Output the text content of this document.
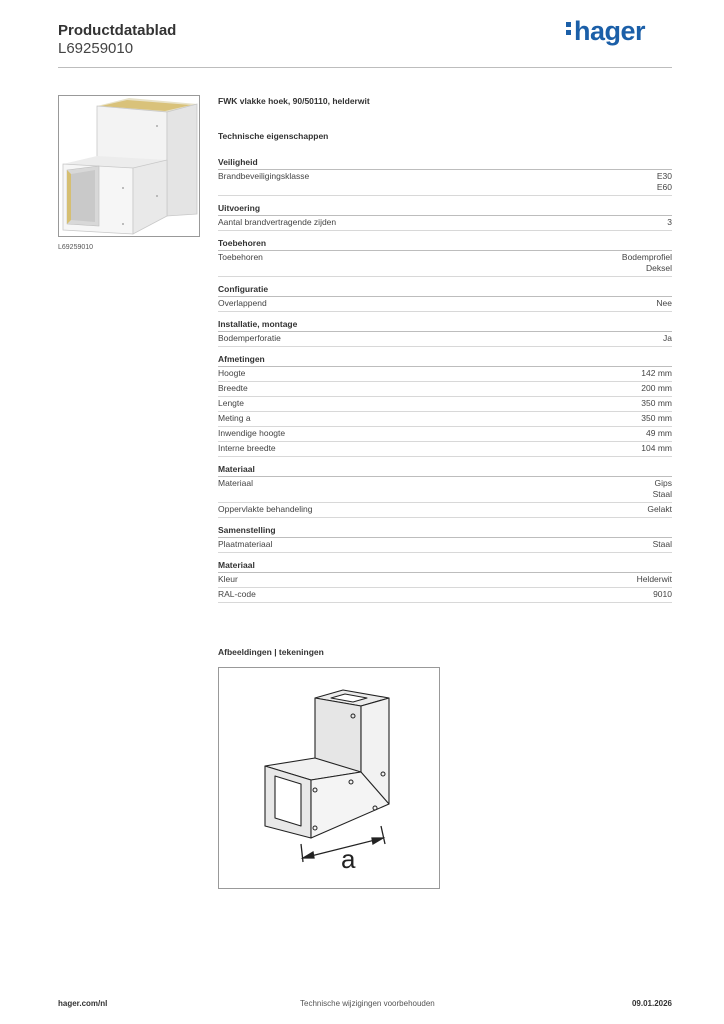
Productdatablad
L69259010
hager
L69259010
FWK vlakke hoek, 90/50110, helderwit
Technische eigenschappen
Veiligheid
Brandbeveiligingsklasse	E30
E60
Uitvoering
Aantal brandvertragende zijden	3
Toebehoren
Toebehoren	Bodemprofiel
Deksel
Configuratie
Overlappend	Nee
Installatie, montage
Bodemperforatie	Ja
Afmetingen
Hoogte	142 mm
Breedte	200 mm
Lengte	350 mm
Meting a	350 mm
Inwendige hoogte	49 mm
Interne breedte	104 mm
Materiaal
Materiaal	Gips
Staal
Oppervlakte behandeling	Gelakt
Samenstelling
Plaatmateriaal	Staal
Materiaal
Kleur	Helderwit
RAL-code	9010
Afbeeldingen | tekeningen
a
hager.com/nl	Technische wijzigingen voorbehouden	09.01.2026
